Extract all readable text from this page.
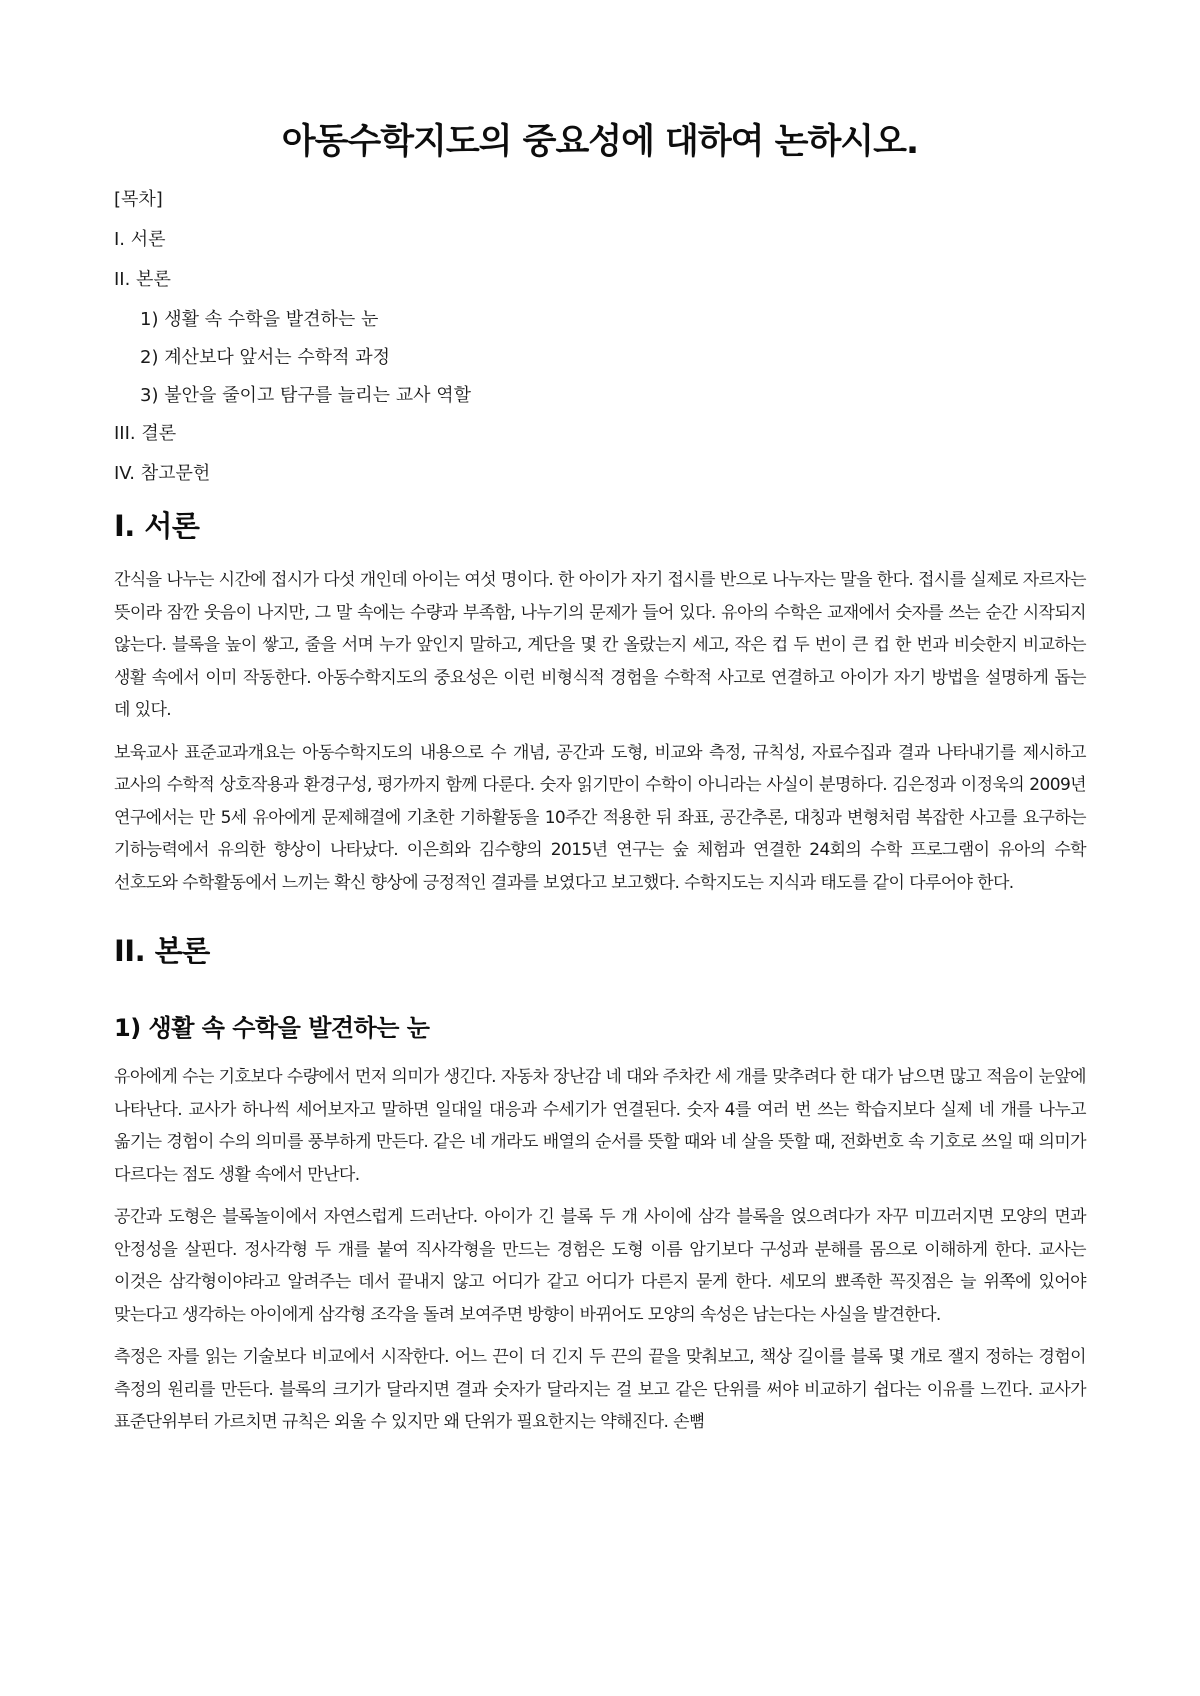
아동수학지도의 중요성에 대하여 논하시오.
[목차]
I. 서론
II. 본론
1) 생활 속 수학을 발견하는 눈
2) 계산보다 앞서는 수학적 과정
3) 불안을 줄이고 탐구를 늘리는 교사 역할
III. 결론
IV. 참고문헌
I. 서론

간식을 나누는 시간에 접시가 다섯 개인데 아이는 여섯 명이다. 한 아이가 자기 접시를 반으로 나누자는 말을 한다. 접시를 실제로 자르자는 뜻이라 잠깐 웃음이 나지만, 그 말 속에는 수량과 부족함, 나누기의 문제가 들어 있다. 유아의 수학은 교재에서 숫자를 쓰는 순간 시작되지 않는다. 블록을 높이 쌓고, 줄을 서며 누가 앞인지 말하고, 계단을 몇 칸 올랐는지 세고, 작은 컵 두 번이 큰 컵 한 번과 비슷한지 비교하는 생활 속에서 이미 작동한다. 아동수학지도의 중요성은 이런 비형식적 경험을 수학적 사고로 연결하고 아이가 자기 방법을 설명하게 돕는 데 있다.

보육교사 표준교과개요는 아동수학지도의 내용으로 수 개념, 공간과 도형, 비교와 측정, 규칙성, 자료수집과 결과 나타내기를 제시하고 교사의 수학적 상호작용과 환경구성, 평가까지 함께 다룬다. 숫자 읽기만이 수학이 아니라는 사실이 분명하다. 김은정과 이정욱의 2009년 연구에서는 만 5세 유아에게 문제해결에 기초한 기하활동을 10주간 적용한 뒤 좌표, 공간추론, 대칭과 변형처럼 복잡한 사고를 요구하는 기하능력에서 유의한 향상이 나타났다. 이은희와 김수향의 2015년 연구는 숲 체험과 연결한 24회의 수학 프로그램이 유아의 수학 선호도와 수학활동에서 느끼는 확신 향상에 긍정적인 결과를 보였다고 보고했다. 수학지도는 지식과 태도를 같이 다루어야 한다.

II. 본론
1) 생활 속 수학을 발견하는 눈

유아에게 수는 기호보다 수량에서 먼저 의미가 생긴다. 자동차 장난감 네 대와 주차칸 세 개를 맞추려다 한 대가 남으면 많고 적음이 눈앞에 나타난다. 교사가 하나씩 세어보자고 말하면 일대일 대응과 수세기가 연결된다. 숫자 4를 여러 번 쓰는 학습지보다 실제 네 개를 나누고 옮기는 경험이 수의 의미를 풍부하게 만든다. 같은 네 개라도 배열의 순서를 뜻할 때와 네 살을 뜻할 때, 전화번호 속 기호로 쓰일 때 의미가 다르다는 점도 생활 속에서 만난다.

공간과 도형은 블록놀이에서 자연스럽게 드러난다. 아이가 긴 블록 두 개 사이에 삼각 블록을 얹으려다가 자꾸 미끄러지면 모양의 면과 안정성을 살핀다. 정사각형 두 개를 붙여 직사각형을 만드는 경험은 도형 이름 암기보다 구성과 분해를 몸으로 이해하게 한다. 교사는 이것은 삼각형이야라고 알려주는 데서 끝내지 않고 어디가 같고 어디가 다른지 묻게 한다. 세모의 뾰족한 꼭짓점은 늘 위쪽에 있어야 맞는다고 생각하는 아이에게 삼각형 조각을 돌려 보여주면 방향이 바뀌어도 모양의 속성은 남는다는 사실을 발견한다.

측정은 자를 읽는 기술보다 비교에서 시작한다. 어느 끈이 더 긴지 두 끈의 끝을 맞춰보고, 책상 길이를 블록 몇 개로 잴지 정하는 경험이 측정의 원리를 만든다. 블록의 크기가 달라지면 결과 숫자가 달라지는 걸 보고 같은 단위를 써야 비교하기 쉽다는 이유를 느낀다. 교사가 표준단위부터 가르치면 규칙은 외울 수 있지만 왜 단위가 필요한지는 약해진다. 손뼘
